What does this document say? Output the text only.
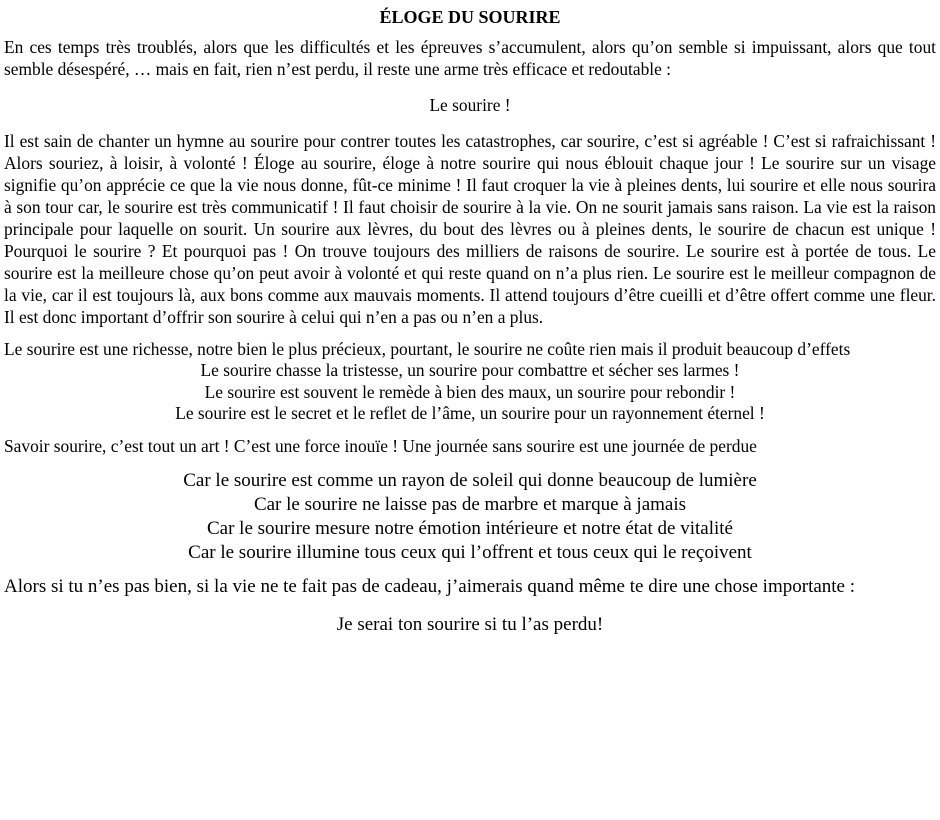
ÉLOGE DU SOURIRE

En ces temps très troublés, alors que les difficultés et les épreuves s’accumulent, alors qu’on semble si impuissant, alors que tout semble désespéré, … mais en fait, rien n’est perdu, il reste une arme très efficace et redoutable :

Le sourire !

Il est sain de chanter un hymne au sourire pour contrer toutes les catastrophes, car sourire, c’est si agréable ! C’est si rafraichissant ! Alors souriez, à loisir, à volonté ! Éloge au sourire, éloge à notre sourire qui nous éblouit chaque jour ! Le sourire sur un visage signifie qu’on apprécie ce que la vie nous donne, fût-ce minime ! Il faut croquer la vie à pleines dents, lui sourire et elle nous sourira à son tour car, le sourire est très communicatif ! Il faut choisir de sourire à la vie. On ne sourit jamais sans raison. La vie est la raison principale pour laquelle on sourit. Un sourire aux lèvres, du bout des lèvres ou à pleines dents, le sourire de chacun est unique ! Pourquoi le sourire ? Et pourquoi pas ! On trouve toujours des milliers de raisons de sourire. Le sourire est à portée de tous. Le sourire est la meilleure chose qu’on peut avoir à volonté et qui reste quand on n’a plus rien. Le sourire est le meilleur compagnon de la vie, car il est toujours là, aux bons comme aux mauvais moments. Il attend toujours d’être cueilli et d’être offert comme une fleur. Il est donc important d’offrir son sourire à celui qui n’en a pas ou n’en a plus.

Le sourire est une richesse, notre bien le plus précieux, pourtant, le sourire ne coûte rien mais il produit beaucoup d’effets

Le sourire chasse la tristesse, un sourire pour combattre et sécher ses larmes !

Le sourire est souvent le remède à bien des maux, un sourire pour rebondir !

Le sourire est le secret et le reflet de l’âme, un sourire pour un rayonnement éternel !

Savoir sourire, c’est tout un art ! C’est une force inouïe ! Une journée sans sourire est une journée de perdue

Car le sourire est comme un rayon de soleil qui donne beaucoup de lumière

Car le sourire ne laisse pas de marbre et marque à jamais

Car le sourire mesure notre émotion intérieure et notre état de vitalité

Car le sourire illumine tous ceux qui l’offrent et tous ceux qui le reçoivent

Alors si tu n’es pas bien, si la vie ne te fait pas de cadeau, j’aimerais quand même te dire une chose importante :

Je serai ton sourire si tu l’as perdu!
